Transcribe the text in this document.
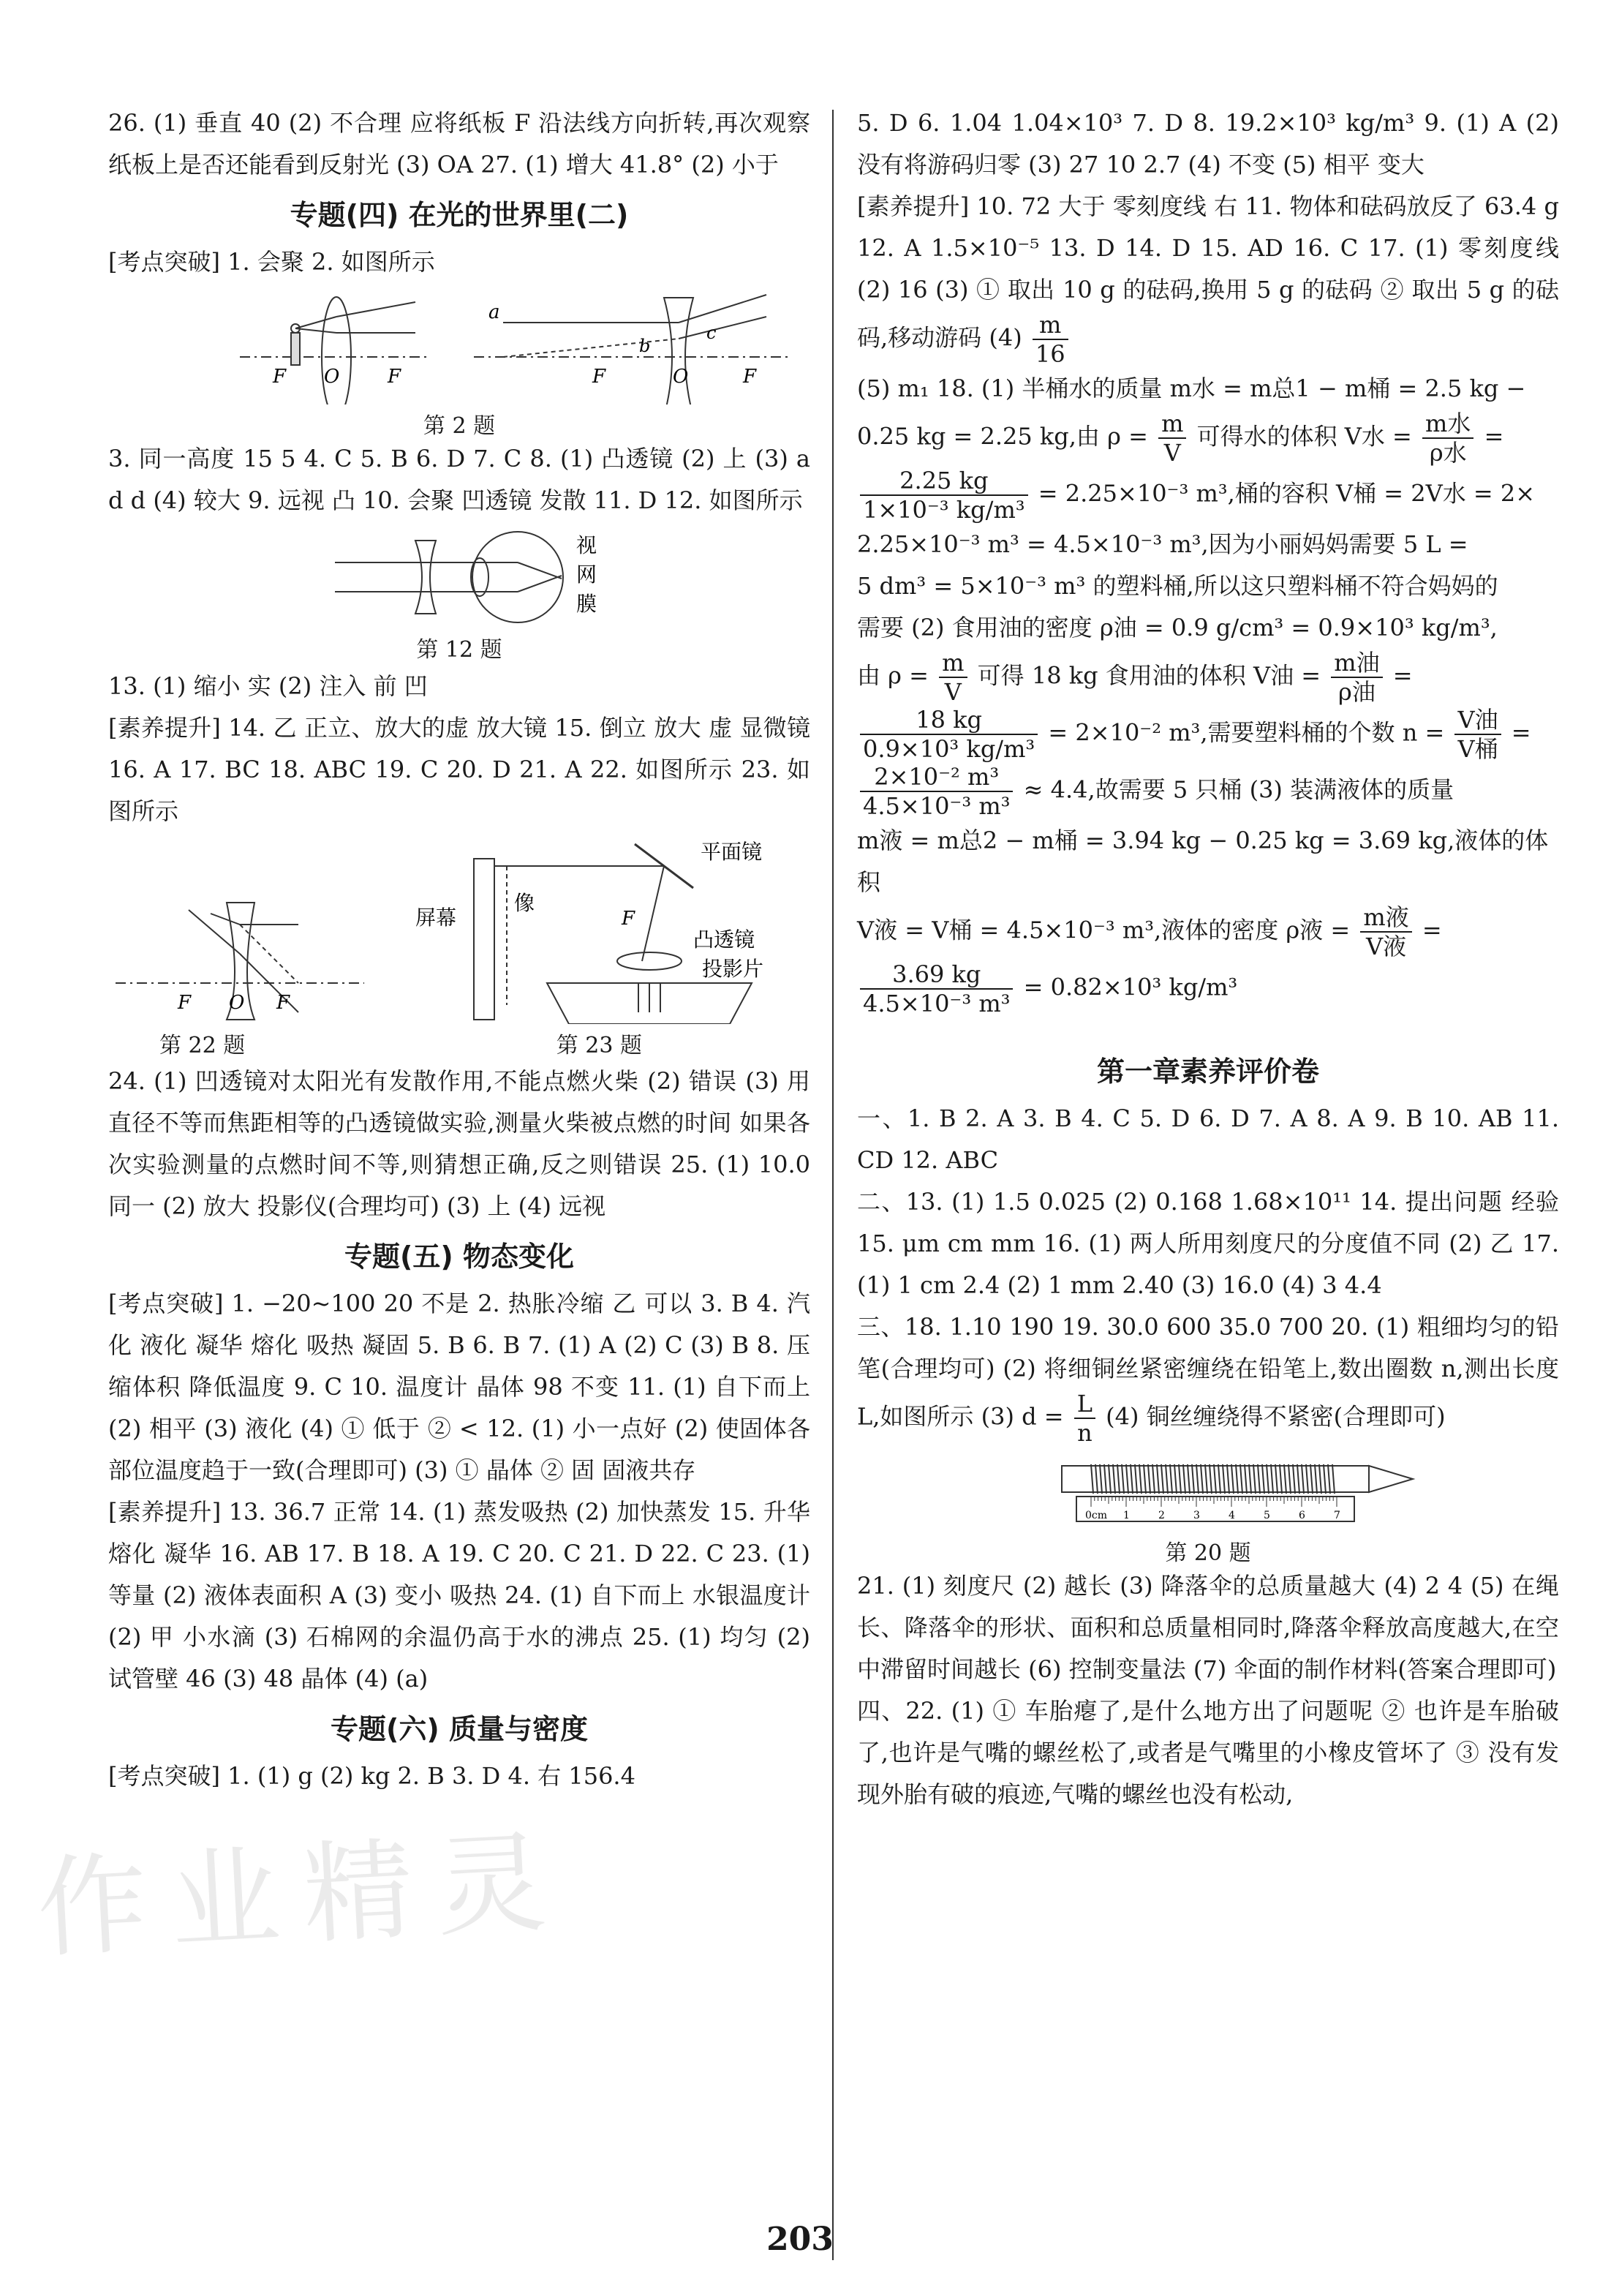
26. (1) 垂直 40 (2) 不合理 应将纸板 F 沿法线方向折转,再次观察纸板上是否还能看到反射光 (3) OA 27. (1) 增大 41.8° (2) 小于

专题(四) 在光的世界里(二)

[考点突破] 1. 会聚 2. 如图所示

F O	F
a
b
c
F	O	F
第 2 题

3. 同一高度 15 5 4. C 5. B 6. D 7. C 8. (1) 凸透镜 (2) 上 (3) a d d (4) 较大 9. 远视 凸 10. 会聚 凹透镜 发散 11. D 12. 如图所示

视
网
膜
第 12 题

13. (1) 缩小 实 (2) 注入 前 凹

[素养提升] 14. 乙 正立、放大的虚 放大镜 15. 倒立 放大 虚 显微镜 16. A 17. BC 18. ABC 19. C 20. D 21. A 22. 如图所示 23. 如图所示

F O F
平面镜
屏幕
像
凸透镜
投影片
F
第 22 题	第 23 题

24. (1) 凹透镜对太阳光有发散作用,不能点燃火柴 (2) 错误 (3) 用直径不等而焦距相等的凸透镜做实验,测量火柴被点燃的时间 如果各次实验测量的点燃时间不等,则猜想正确,反之则错误 25. (1) 10.0 同一 (2) 放大 投影仪(合理均可) (3) 上 (4) 远视

专题(五) 物态变化

[考点突破] 1. −20~100 20 不是 2. 热胀冷缩 乙 可以 3. B 4. 汽化 液化 凝华 熔化 吸热 凝固 5. B 6. B 7. (1) A (2) C (3) B 8. 压缩体积 降低温度 9. C 10. 温度计 晶体 98 不变 11. (1) 自下而上 (2) 相平 (3) 液化 (4) ① 低于 ② < 12. (1) 小一点好 (2) 使固体各部位温度趋于一致(合理即可) (3) ① 晶体 ② 固 固液共存

[素养提升] 13. 36.7 正常 14. (1) 蒸发吸热 (2) 加快蒸发 15. 升华 熔化 凝华 16. AB 17. B 18. A 19. C 20. C 21. D 22. C 23. (1) 等量 (2) 液体表面积 A (3) 变小 吸热 24. (1) 自下而上 水银温度计 (2) 甲 小水滴 (3) 石棉网的余温仍高于水的沸点 25. (1) 均匀 (2) 试管壁 46 (3) 48 晶体 (4) (a)

专题(六) 质量与密度

[考点突破] 1. (1) g (2) kg 2. B 3. D 4. 右 156.4

5. D 6. 1.04 1.04×10³ 7. D 8. 19.2×10³ kg/m³ 9. (1) A (2) 没有将游码归零 (3) 27 10 2.7 (4) 不变 (5) 相平 变大

[素养提升] 10. 72 大于 零刻度线 右 11. 物体和砝码放反了 63.4 g 12. A 1.5×10⁻⁵ 13. D 14. D 15. AD 16. C 17. (1) 零刻度线 (2) 16 (3) ① 取出 10 g 的砝码,换用 5 g 的砝码 ② 取出 5 g 的砝码,移动游码 $(4) \frac{m}{16}$

(5) m₁ 18. (1) 半桶水的质量 m水 = m总1 − m桶 = 2.5 kg −
0.25 kg = 2.25 kg,由 $\rho = \frac{m}{V}$ 可得水的体积 V水 = $\frac{\text{m水}}{\text{ρ水}}$ =
$\frac{2.25 kg}{\text{1×10⁻³ kg/m³}} = 2.25\times 10^{-3}$ m³,桶的容积 V桶 = 2V水 = 2×
2.25×10⁻³ m³ = 4.5×10⁻³ m³,因为小丽妈妈需要 5 L =
5 dm³ = 5×10⁻³ m³ 的塑料桶,所以这只塑料桶不符合妈妈的
需要 (2) 食用油的密度 ρ油 = 0.9 g/cm³ = 0.9×10³ kg/m³,
由 $\rho = \frac{m}{V}$ 可得 18 kg 食用油的体积 V油 = $\frac{\text{m油}}{\text{ρ油}}$ =
$\frac{18 kg}{\text{0.9×10³ kg/m³}} = 2\times 10^{-2}$ m³,需要塑料桶的个数 $n = \frac{\text{V油}}{\text{V桶}}$ =
$\frac{\text{2×10⁻² m³}}{\text{4.5×10⁻³ m³}} \approx 4.4$,故需要 5 只桶 (3) 装满液体的质量
m液 = m总2 − m桶 = 3.94 kg − 0.25 kg = 3.69 kg,液体的体积
V液 = V桶 = 4.5×10⁻³ m³,液体的密度 ρ液 = $\frac{\text{m液}}{\text{V液}}$ =
$\frac{3.69 kg}{\text{4.5×10⁻³ m³}} = 0.82\times 10^3$ kg/m³
第一章素养评价卷

一、1. B 2. A 3. B 4. C 5. D 6. D 7. A 8. A 9. B 10. AB 11. CD 12. ABC

二、13. (1) 1.5 0.025 (2) 0.168 1.68×10¹¹ 14. 提出问题 经验 15. μm cm mm 16. (1) 两人所用刻度尺的分度值不同 (2) 乙 17. (1) 1 cm 2.4 (2) 1 mm 2.40 (3) 16.0 (4) 3 4.4

三、18. 1.10 190 19. 30.0 600 35.0 700 20. (1) 粗细均匀的铅笔(合理均可) (2) 将细铜丝紧密缠绕在铅笔上,数出圈数 n,测出长度 L,如图所示 (3) $d = \frac{L}{n} (4)$ 铜丝缠绕得不紧密(合理即可)

0cm 1	2	3	4	5	6	7
第 20 题

21. (1) 刻度尺 (2) 越长 (3) 降落伞的总质量越大 (4) 2 4 (5) 在绳长、降落伞的形状、面积和总质量相同时,降落伞释放高度越大,在空中滞留时间越长 (6) 控制变量法 (7) 伞面的制作材料(答案合理即可)

四、22. (1) ① 车胎瘪了,是什么地方出了问题呢 ② 也许是车胎破了,也许是气嘴的螺丝松了,或者是气嘴里的小橡皮管坏了 ③ 没有发现外胎有破的痕迹,气嘴的螺丝也没有松动,

作业精灵
203
